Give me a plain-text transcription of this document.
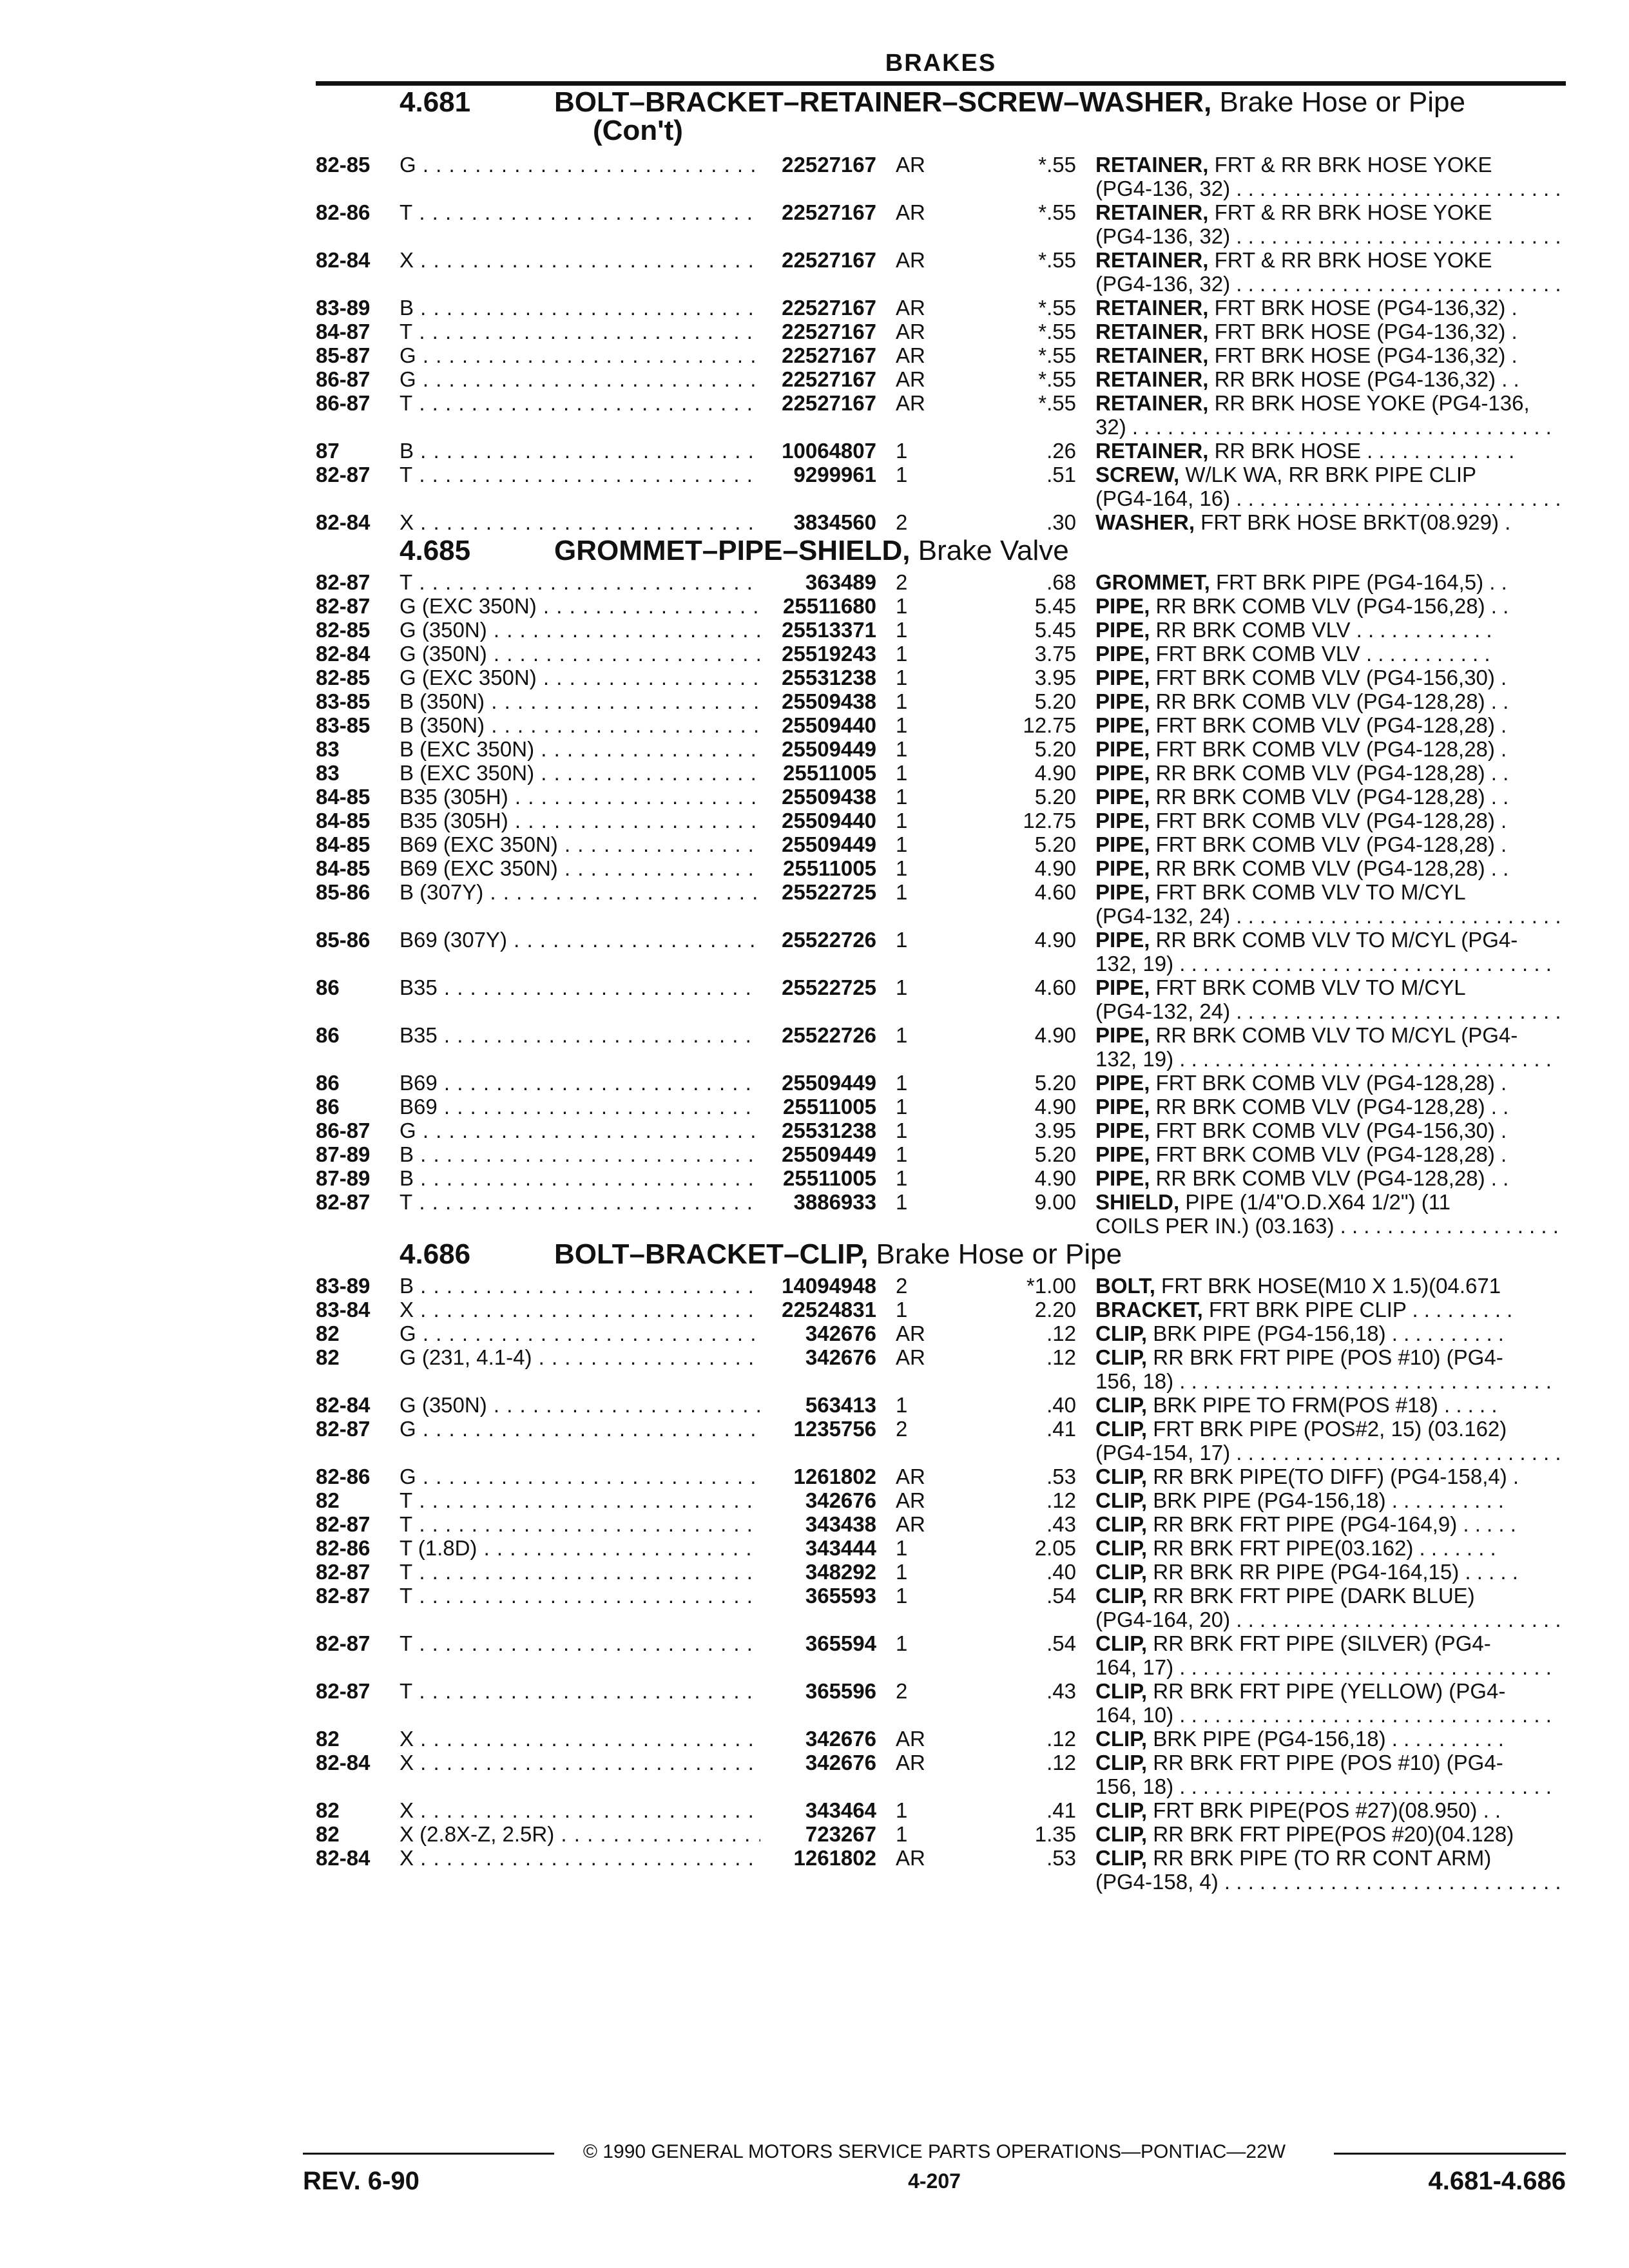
BRAKES
4.681	BOLT–BRACKET–RETAINER–SCREW–WASHER, Brake Hose or Pipe
(Con't)
82-85 G . . .	22527167 AR	*.55 RETAINER, FRT & RR BRK HOSE YOKE
(PG4-136, 32) . . .
82-86 T . . .	22527167 AR	*.55 RETAINER, FRT & RR BRK HOSE YOKE
(PG4-136, 32) . . .
82-84 X . . .	22527167 AR	*.55 RETAINER, FRT & RR BRK HOSE YOKE
(PG4-136, 32) . . .
83-89 B . . .	22527167 AR	*.55 RETAINER, FRT BRK HOSE (PG4-136,32) .
84-87 T . . .	22527167 AR	*.55 RETAINER, FRT BRK HOSE (PG4-136,32) .
85-87 G . . .	22527167 AR	*.55 RETAINER, FRT BRK HOSE (PG4-136,32) .
86-87 G . . .	22527167 AR	*.55 RETAINER, RR BRK HOSE (PG4-136,32) . .
86-87 T . . .	22527167 AR	*.55 RETAINER, RR BRK HOSE YOKE (PG4-136,
32) . . .
87	B . . .	10064807 1	.26 RETAINER, RR BRK HOSE . . . . . . . . . . . . .
82-87 T . . .	9299961 1	.51 SCREW, W/LK WA, RR BRK PIPE CLIP
(PG4-164, 16) . . .
82-84 X . . .	3834560 2	.30 WASHER, FRT BRK HOSE BRKT(08.929) .
4.685	GROMMET–PIPE–SHIELD, Brake Valve
82-87 T . . .	363489 2	.68 GROMMET, FRT BRK PIPE (PG4-164,5) . .
82-87 G (EXC 350N) . . .	25511680 1	5.45 PIPE, RR BRK COMB VLV (PG4-156,28) . .
82-85 G (350N) . . .	25513371 1	5.45 PIPE, RR BRK COMB VLV . . . . . . . . . . . .
82-84 G (350N) . . .	25519243 1	3.75 PIPE, FRT BRK COMB VLV . . . . . . . . . . .
82-85 G (EXC 350N) . . .	25531238 1	3.95 PIPE, FRT BRK COMB VLV (PG4-156,30) .
83-85 B (350N) . . .	25509438 1	5.20 PIPE, RR BRK COMB VLV (PG4-128,28) . .
83-85 B (350N) . . .	25509440 1	12.75 PIPE, FRT BRK COMB VLV (PG4-128,28) .
83	B (EXC 350N) . . .	25509449 1	5.20 PIPE, FRT BRK COMB VLV (PG4-128,28) .
83	B (EXC 350N) . . .	25511005 1	4.90 PIPE, RR BRK COMB VLV (PG4-128,28) . .
84-85 B35 (305H) . . .	25509438 1	5.20 PIPE, RR BRK COMB VLV (PG4-128,28) . .
84-85 B35 (305H) . . .	25509440 1	12.75 PIPE, FRT BRK COMB VLV (PG4-128,28) .
84-85 B69 (EXC 350N) . . .	25509449 1	5.20 PIPE, FRT BRK COMB VLV (PG4-128,28) .
84-85 B69 (EXC 350N) . . .	25511005 1	4.90 PIPE, RR BRK COMB VLV (PG4-128,28) . .
85-86 B (307Y) . . .	25522725 1	4.60 PIPE, FRT BRK COMB VLV TO M/CYL
(PG4-132, 24) . . .
85-86 B69 (307Y) . . .	25522726 1	4.90 PIPE, RR BRK COMB VLV TO M/CYL (PG4-
132, 19) . . .
86	B35 . . .	25522725 1	4.60 PIPE, FRT BRK COMB VLV TO M/CYL
(PG4-132, 24) . . .
86	B35 . . .	25522726 1	4.90 PIPE, RR BRK COMB VLV TO M/CYL (PG4-
132, 19) . . .
86	B69 . . .	25509449 1	5.20 PIPE, FRT BRK COMB VLV (PG4-128,28) .
86	B69 . . .	25511005 1	4.90 PIPE, RR BRK COMB VLV (PG4-128,28) . .
86-87 G . . .	25531238 1	3.95 PIPE, FRT BRK COMB VLV (PG4-156,30) .
87-89 B . . .	25509449 1	5.20 PIPE, FRT BRK COMB VLV (PG4-128,28) .
87-89 B . . .	25511005 1	4.90 PIPE, RR BRK COMB VLV (PG4-128,28) . .
82-87 T . . .	3886933 1	9.00 SHIELD, PIPE (1/4"O.D.X64 1/2") (11
COILS PER IN.) (03.163) . . .
4.686	BOLT–BRACKET–CLIP, Brake Hose or Pipe
83-89 B . . .	14094948 2	*1.00 BOLT, FRT BRK HOSE(M10 X 1.5)(04.671
83-84 X . . .	22524831 1	2.20 BRACKET, FRT BRK PIPE CLIP . . . . . . . . .
82	G . . .	342676 AR	.12 CLIP, BRK PIPE (PG4-156,18) . . . . . . . . . .
82	G (231, 4.1-4) . . .	342676 AR	.12 CLIP, RR BRK FRT PIPE (POS #10) (PG4-
156, 18) . . .
82-84 G (350N) . . .	563413 1	.40 CLIP, BRK PIPE TO FRM(POS #18) . . . . .
82-87 G . . .	1235756 2	.41 CLIP, FRT BRK PIPE (POS#2, 15) (03.162)
(PG4-154, 17) . . .
82-86 G . . .	1261802 AR	.53 CLIP, RR BRK PIPE(TO DIFF) (PG4-158,4) .
82	T . . .	342676 AR	.12 CLIP, BRK PIPE (PG4-156,18) . . . . . . . . . .
82-87 T . . .	343438 AR	.43 CLIP, RR BRK FRT PIPE (PG4-164,9) . . . . .
82-86 T (1.8D) . . .	343444 1	2.05 CLIP, RR BRK FRT PIPE(03.162) . . . . . . .
82-87 T . . .	348292 1	.40 CLIP, RR BRK RR PIPE (PG4-164,15) . . . . .
82-87 T . . .	365593 1	.54 CLIP, RR BRK FRT PIPE (DARK BLUE)
(PG4-164, 20) . . .
82-87 T . . .	365594 1	.54 CLIP, RR BRK FRT PIPE (SILVER) (PG4-
164, 17) . . .
82-87 T . . .	365596 2	.43 CLIP, RR BRK FRT PIPE (YELLOW) (PG4-
164, 10) . . .
82	X . . .	342676 AR	.12 CLIP, BRK PIPE (PG4-156,18) . . . . . . . . . .
82-84 X . . .	342676 AR	.12 CLIP, RR BRK FRT PIPE (POS #10) (PG4-
156, 18) . . .
82	X . . .	343464 1	.41 CLIP, FRT BRK PIPE(POS #27)(08.950) . .
82	X (2.8X-Z, 2.5R) . . .	723267 1	1.35 CLIP, RR BRK FRT PIPE(POS #20)(04.128)
82-84 X . . .	1261802 AR	.53 CLIP, RR BRK PIPE (TO RR CONT ARM)
(PG4-158, 4) . . .
© 1990 GENERAL MOTORS SERVICE PARTS OPERATIONS—PONTIAC—22W
REV. 6-90	4-207	4.681-4.686
